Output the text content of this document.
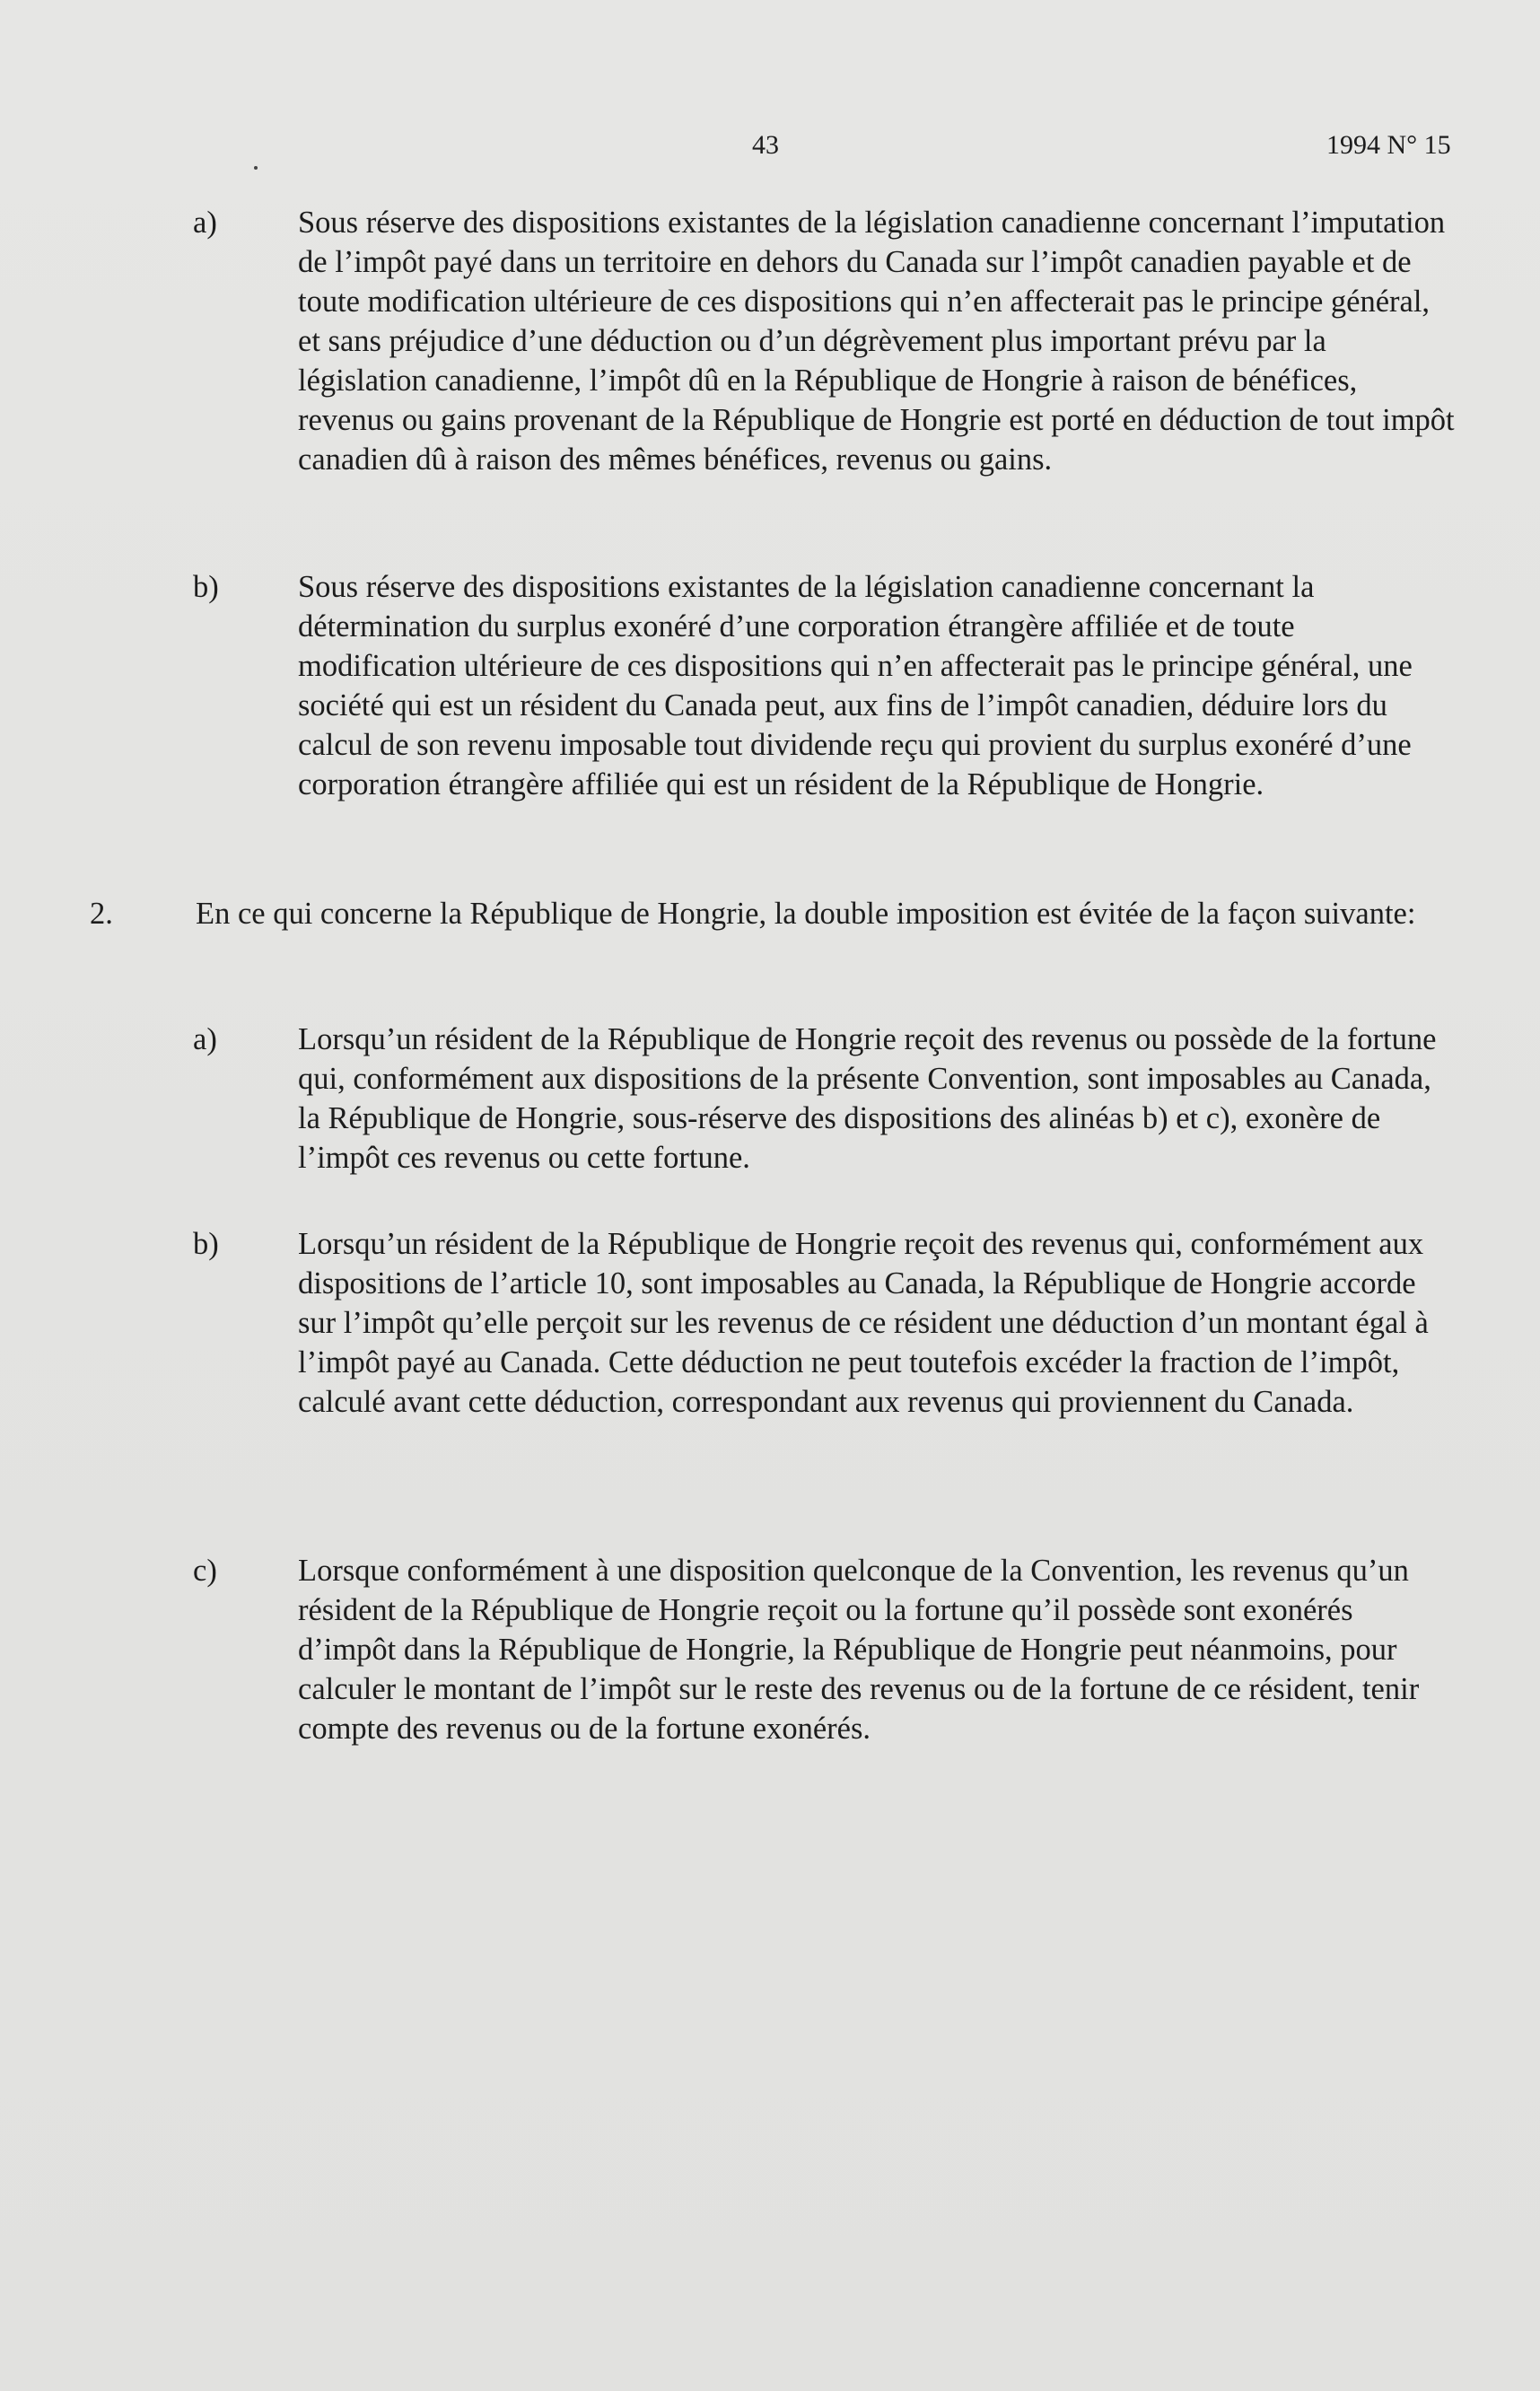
43	1994 N° 15
a)	Sous réserve des dispositions existantes de la législation canadienne concernant l’imputation de l’impôt payé dans un territoire en dehors du Canada sur l’impôt canadien payable et de toute modification ultérieure de ces dispositions qui n’en affecterait pas le principe général, et sans préjudice d’une déduction ou d’un dégrèvement plus important prévu par la législation canadienne, l’impôt dû en la République de Hongrie à raison de bénéfices, revenus ou gains provenant de la République de Hongrie est porté en déduction de tout impôt canadien dû à raison des mêmes bénéfices, revenus ou gains.
b)	Sous réserve des dispositions existantes de la législation canadienne concernant la détermination du surplus exonéré d’une corporation étrangère affiliée et de toute modification ultérieure de ces dispositions qui n’en affecterait pas le principe général, une société qui est un résident du Canada peut, aux fins de l’impôt canadien, déduire lors du calcul de son revenu imposable tout dividende reçu qui provient du surplus exonéré d’une corporation étrangère affiliée qui est un résident de la République de Hongrie.
2.	En ce qui concerne la République de Hongrie, la double imposition est évitée de la façon suivante:
a)	Lorsqu’un résident de la République de Hongrie reçoit des revenus ou possède de la fortune qui, conformément aux dispositions de la présente Convention, sont imposables au Canada, la République de Hongrie, sous-réserve des dispositions des alinéas b) et c), exonère de l’impôt ces revenus ou cette fortune.
b)	Lorsqu’un résident de la République de Hongrie reçoit des revenus qui, conformément aux dispositions de l’article 10, sont imposables au Canada, la République de Hongrie accorde sur l’impôt qu’elle perçoit sur les revenus de ce résident une déduction d’un montant égal à l’impôt payé au Canada. Cette déduction ne peut toutefois excéder la fraction de l’impôt, calculé avant cette déduction, correspondant aux revenus qui proviennent du Canada.
c)	Lorsque conformément à une disposition quelconque de la Convention, les revenus qu’un résident de la République de Hongrie reçoit ou la fortune qu’il possède sont exonérés d’impôt dans la République de Hongrie, la République de Hongrie peut néanmoins, pour calculer le montant de l’impôt sur le reste des revenus ou de la fortune de ce résident, tenir compte des revenus ou de la fortune exonérés.
